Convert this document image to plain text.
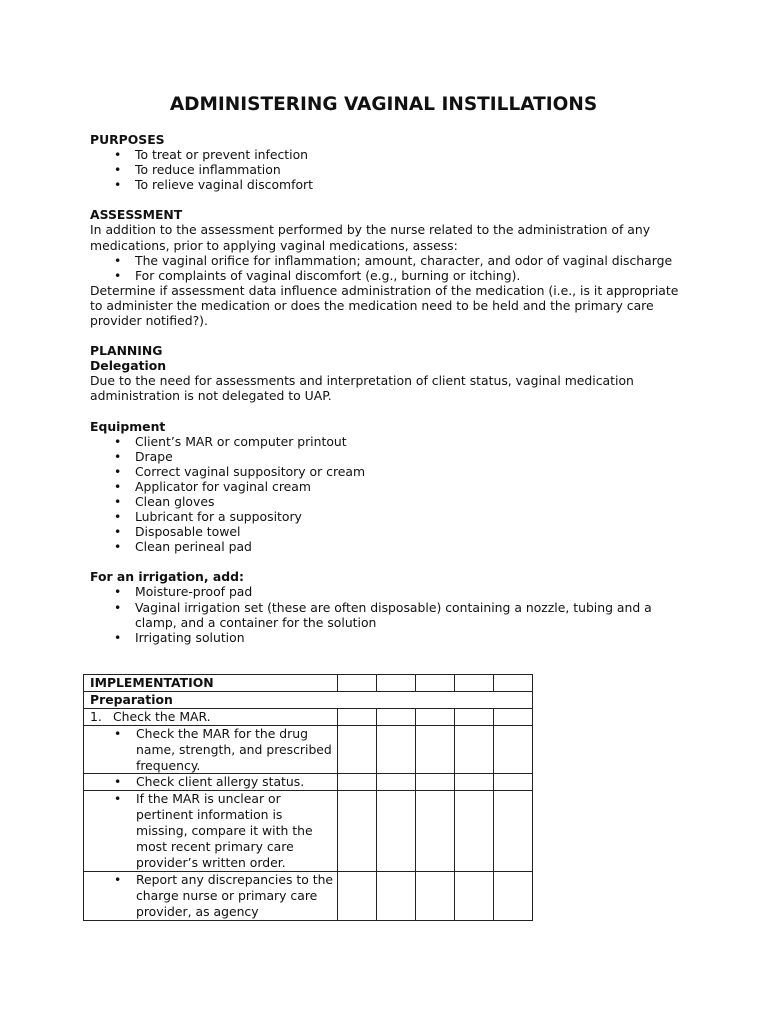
ADMINISTERING VAGINAL INSTILLATIONS
PURPOSES
• To treat or prevent infection
• To reduce inflammation
• To relieve vaginal discomfort
ASSESSMENT

In addition to the assessment performed by the nurse related to the administration of any medications, prior to applying vaginal medications, assess:

• The vaginal orifice for inflammation; amount, character, and odor of vaginal discharge
• For complaints of vaginal discomfort (e.g., burning or itching).

Determine if assessment data influence administration of the medication (i.e., is it appropriate to administer the medication or does the medication need to be held and the primary care provider notified?).

PLANNING
Delegation

Due to the need for assessments and interpretation of client status, vaginal medication administration is not delegated to UAP.

Equipment
• Client’s MAR or computer printout
• Drape
• Correct vaginal suppository or cream
• Applicator for vaginal cream
• Clean gloves
• Lubricant for a suppository
• Disposable towel
• Clean perineal pad
For an irrigation, add:
• Moisture-proof pad
• Vaginal irrigation set (these are often disposable) containing a nozzle, tubing and a clamp, and a container for the solution
• Irrigating solution
IMPLEMENTATION					
Preparation					
1. Check the MAR.					

• Check the MAR for the drug name, strength, and prescribed frequency.

• Check client allergy status.

• If the MAR is unclear or pertinent information is missing, compare it with the most recent primary care provider’s written order.

• Report any discrepancies to the charge nurse or primary care provider, as agency
